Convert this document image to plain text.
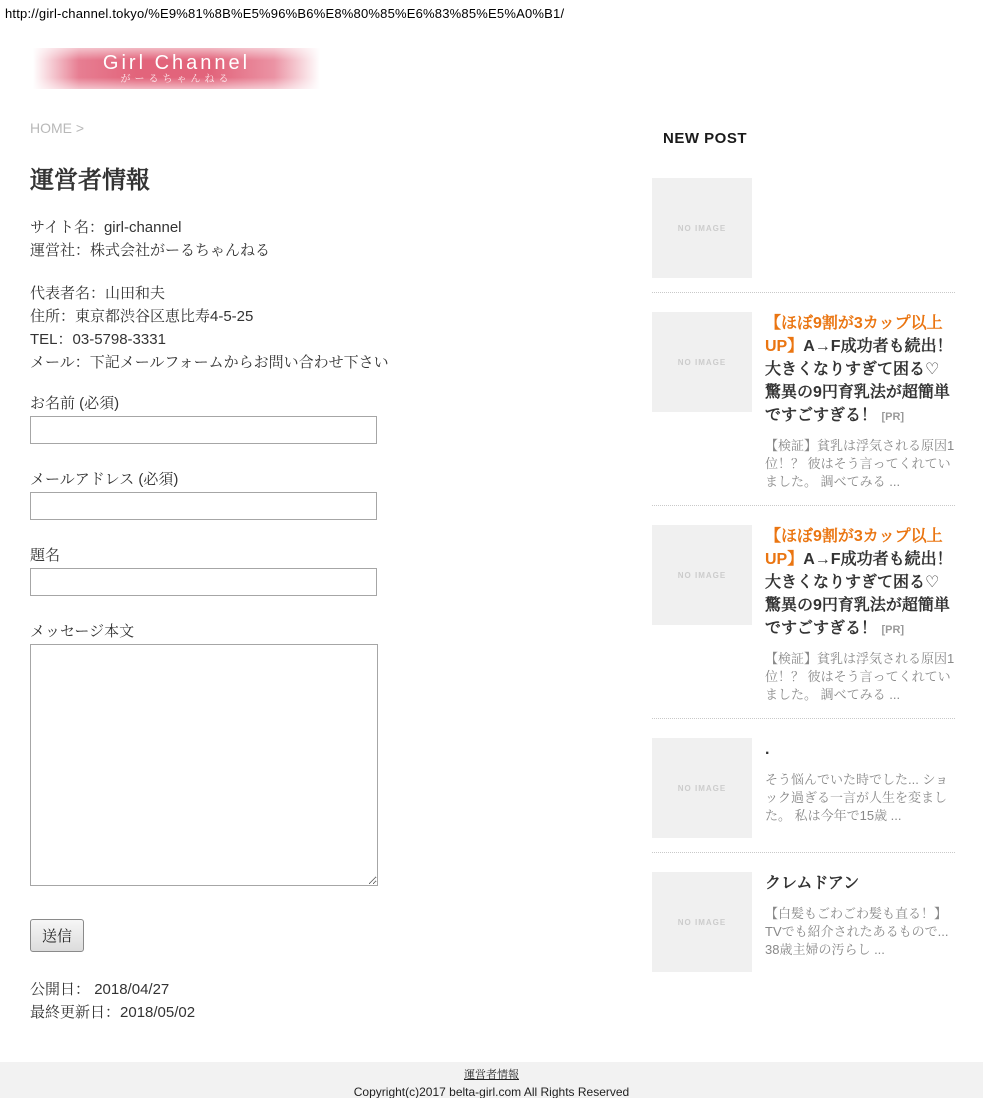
http://girl-channel.tokyo/%E9%81%8B%E5%96%B6%E8%80%85%E6%83%85%E5%A0%B1/
Girl Channel
がーるちゃんねる
HOME >
運営者情報
サイト名：girl-channel
運営社：株式会社がーるちゃんねる
代表者名：山田和夫
住所：東京都渋谷区恵比寿4-5-25
TEL：03-5798-3331
メール：下記メールフォームからお問い合わせ下さい
お名前 (必須)
メールアドレス (必須)
題名
メッセージ本文
送信
公開日： 2018/04/27
最終更新日：2018/05/02
NEW POST
NO IMAGE

NO IMAGE
【ほぼ9割が3カップ以上UP】A→F成功者も続出！大きくなりすぎて困る♡驚異の9円育乳法が超簡単ですごすぎる！ [PR]

【検証】貧乳は浮気される原因1位！？ 彼はそう言ってくれていました。 調べてみる ...

NO IMAGE
【ほぼ9割が3カップ以上UP】A→F成功者も続出！大きくなりすぎて困る♡驚異の9円育乳法が超簡単ですごすぎる！ [PR]

【検証】貧乳は浮気される原因1位！？ 彼はそう言ってくれていました。 調べてみる ...

NO IMAGE
.

そう悩んでいた時でした... ショック過ぎる一言が人生を変ました。 私は今年で15歳 ...

NO IMAGE
クレムドアン

【白髪もごわごわ髪も直る！】TVでも紹介されたあるもので... 38歳主婦の汚らし ...

運営者情報
Copyright(c)2017 belta-girl.com All Rights Reserved
